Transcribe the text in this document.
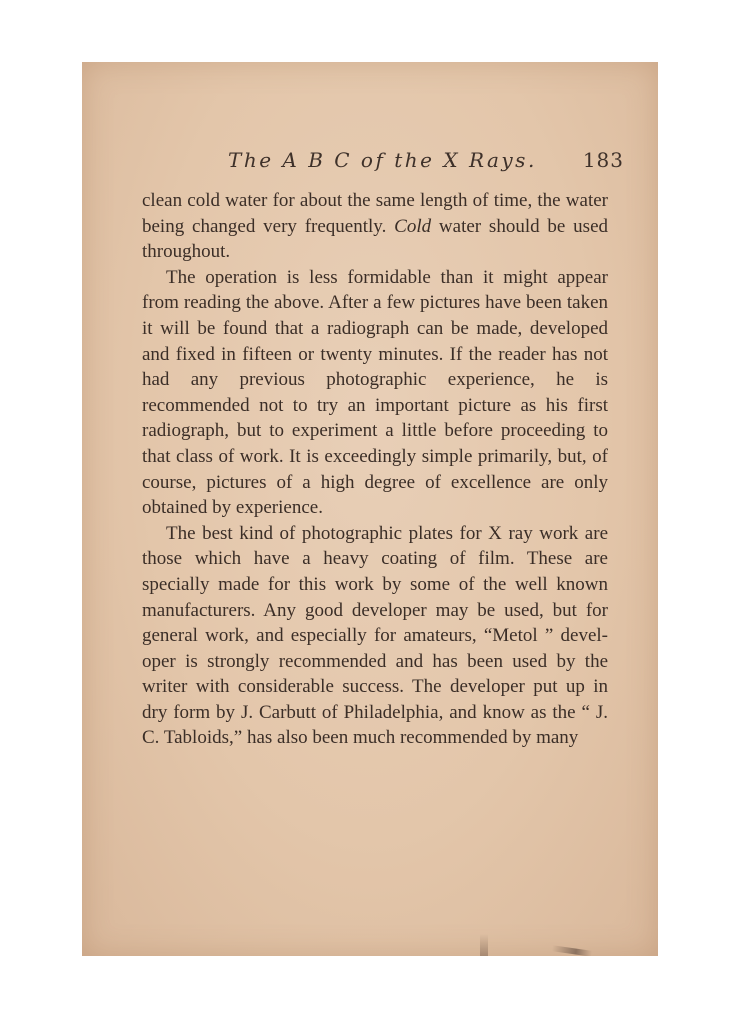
The A B C of the X Rays. 183

clean cold water for about the same length of time, the water being changed very frequently. Cold water should be used throughout.

The operation is less formidable than it might appear from reading the above. After a few pictures have been taken it will be found that a radiograph can be made, developed and fixed in fifteen or twenty minutes. If the reader has not had any previous photographic experience, he is recommended not to try an important picture as his first radiograph, but to experiment a little before proceeding to that class of work. It is exceedingly simple primarily, but, of course, pictures of a high degree of excellence are only obtained by experience.

The best kind of photographic plates for X ray work are those which have a heavy coating of film. These are specially made for this work by some of the well known manufacturers. Any good developer may be used, but for general work, and especially for amateurs, “Metol ” devel- oper is strongly recommended and has been used by the writer with considerable success. The developer put up in dry form by J. Carbutt of Philadelphia, and know as the “ J. C. Tabloids,” has also been much recommended by many
